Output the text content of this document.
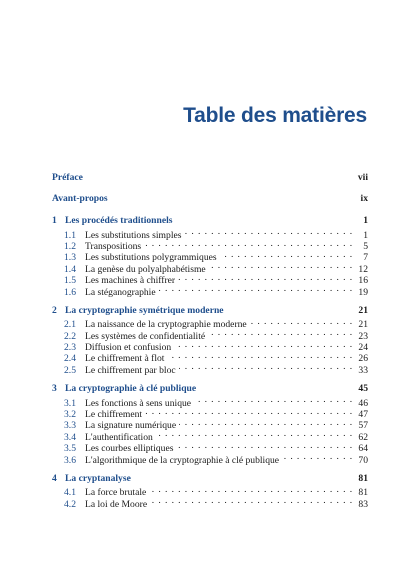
Table des matières
Préface	vii
Avant-propos	ix
1 Les procédés traditionnels	1
1.1 Les substitutions simples . . .	1
1.2 Transpositions . . .	5
1.3 Les substitutions polygrammiques . . .	7
1.4 La genèse du polyalphabétisme . . .	12
1.5 Les machines à chiffrer . . .	16
1.6 La stéganographie . . .	19
2 La cryptographie symétrique moderne	21
2.1 La naissance de la cryptographie moderne . . .	21
2.2 Les systèmes de confidentialité . . .	23
2.3 Diffusion et confusion . . .	24
2.4 Le chiffrement à flot . . .	26
2.5 Le chiffrement par bloc . . .	33
3 La cryptographie à clé publique	45
3.1 Les fonctions à sens unique . . .	46
3.2 Le chiffrement . . .	47
3.3 La signature numérique . . .	57
3.4 L'authentification . . .	62
3.5 Les courbes elliptiques . . .	64
3.6 L'algorithmique de la cryptographie à clé publique . . .	70
4 La cryptanalyse	81
4.1 La force brutale . . .	81
4.2 La loi de Moore . . .	83
